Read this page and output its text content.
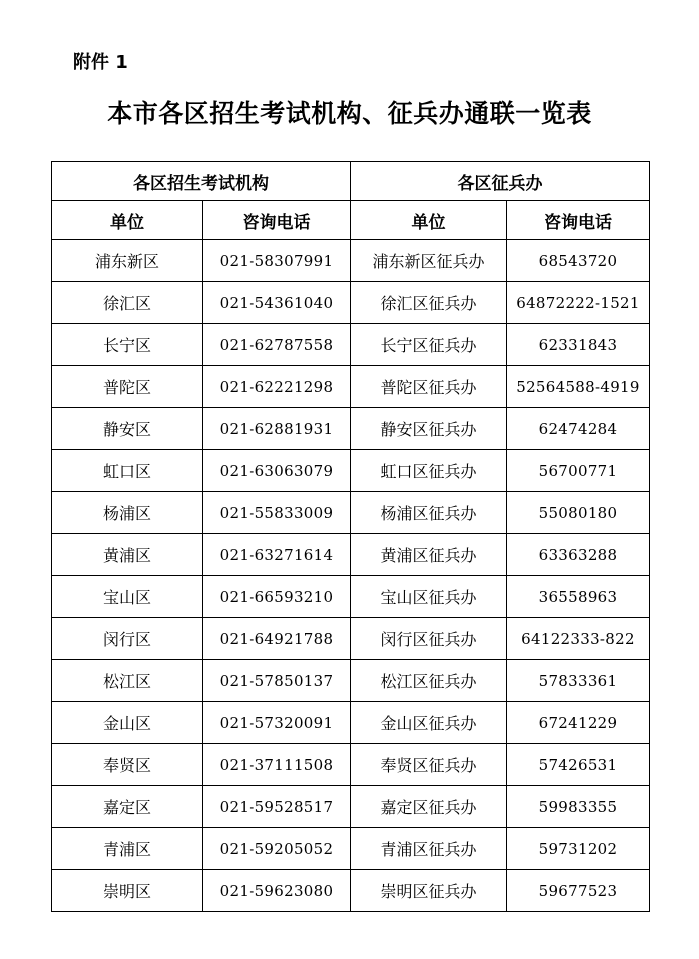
附件 1
本市各区招生考试机构、征兵办通联一览表
各区招生考试机构		各区征兵办	
单位	咨询电话	单位	咨询电话
浦东新区	021-58307991	浦东新区征兵办	68543720
徐汇区	021-54361040	徐汇区征兵办	64872222-1521
长宁区	021-62787558	长宁区征兵办	62331843
普陀区	021-62221298	普陀区征兵办	52564588-4919
静安区	021-62881931	静安区征兵办	62474284
虹口区	021-63063079	虹口区征兵办	56700771
杨浦区	021-55833009	杨浦区征兵办	55080180
黄浦区	021-63271614	黄浦区征兵办	63363288
宝山区	021-66593210	宝山区征兵办	36558963
闵行区	021-64921788	闵行区征兵办	64122333-822
松江区	021-57850137	松江区征兵办	57833361
金山区	021-57320091	金山区征兵办	67241229
奉贤区	021-37111508	奉贤区征兵办	57426531
嘉定区	021-59528517	嘉定区征兵办	59983355
青浦区	021-59205052	青浦区征兵办	59731202
崇明区	021-59623080	崇明区征兵办	59677523
